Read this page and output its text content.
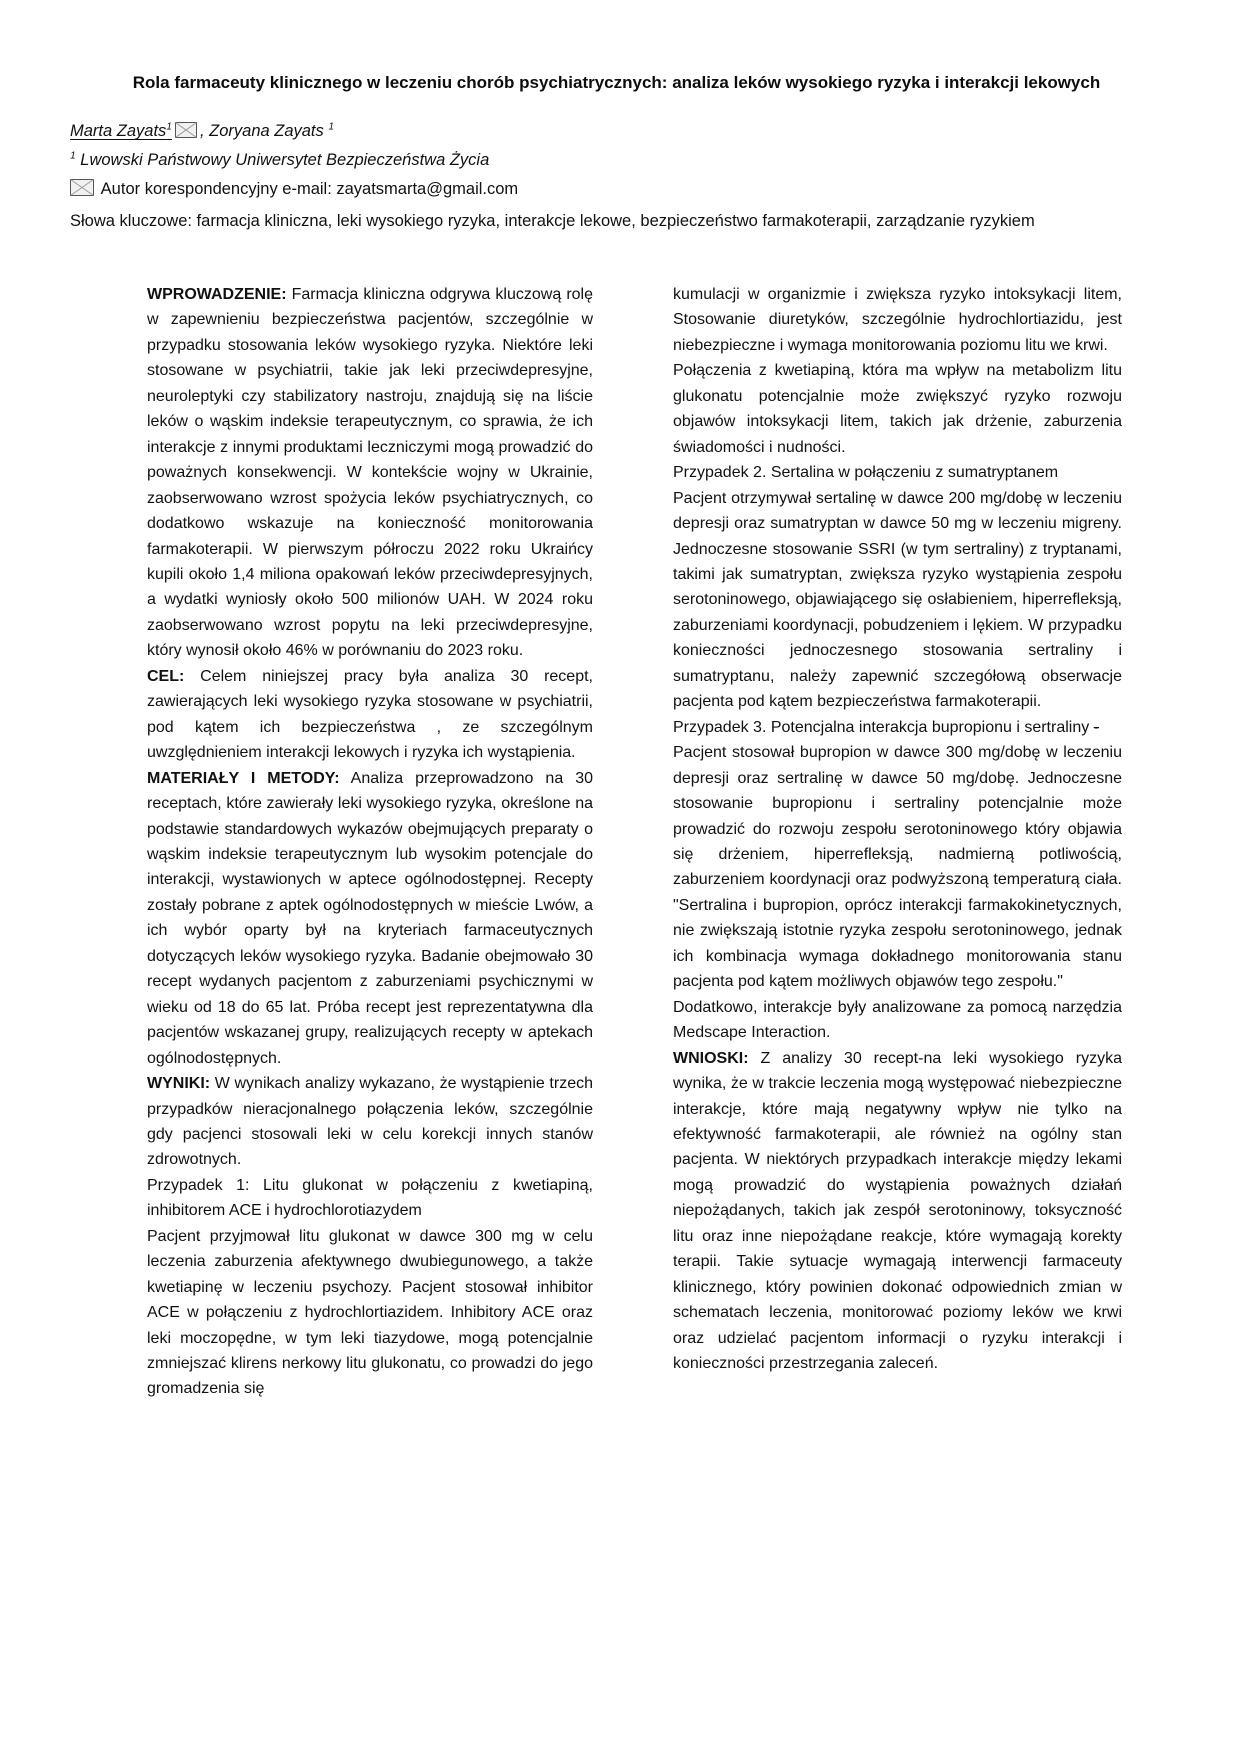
Rola farmaceuty klinicznego w leczeniu chorób psychiatrycznych: analiza leków wysokiego ryzyka i interakcji lekowych
Marta Zayats$^1$ , Zoryana Zayats $^1$
$^1$ Lwowski Państwowy Uniwersytet Bezpieczeństwa Życia
Autor korespondencyjny e-mail: zayatsmarta@gmail.com
Słowa kluczowe: farmacja kliniczna, leki wysokiego ryzyka, interakcje lekowe, bezpieczeństwo farmakoterapii, zarządzanie ryzykiem

WPROWADZENIE: Farmacja kliniczna odgrywa kluczową rolę w zapewnieniu bezpieczeństwa pacjentów, szczególnie w przypadku stosowania leków wysokiego ryzyka. Niektóre leki stosowane w psychiatrii, takie jak leki przeciwdepresyjne, neuroleptyki czy stabilizatory nastroju, znajdują się na liście leków o wąskim indeksie terapeutycznym, co sprawia, że ich interakcje z innymi produktami leczniczymi mogą prowadzić do poważnych konsekwencji. W kontekście wojny w Ukrainie, zaobserwowano wzrost spożycia leków psychiatrycznych, co dodatkowo wskazuje na konieczność monitorowania farmakoterapii. W pierwszym półroczu 2022 roku Ukraińcy kupili około 1,4 miliona opakowań leków przeciwdepresyjnych, a wydatki wyniosły około 500 milionów UAH. W 2024 roku zaobserwowano wzrost popytu na leki przeciwdepresyjne, który wynosił około 46% w porównaniu do 2023 roku.

CEL: Celem niniejszej pracy była analiza 30 recept, zawierających leki wysokiego ryzyka stosowane w psychiatrii, pod kątem ich bezpieczeństwa , ze szczególnym uwzględnieniem interakcji lekowych i ryzyka ich wystąpienia.

MATERIAŁY I METODY: Analiza przeprowadzono na 30 receptach, które zawierały leki wysokiego ryzyka, określone na podstawie standardowych wykazów obejmujących preparaty o wąskim indeksie terapeutycznym lub wysokim potencjale do interakcji, wystawionych w aptece ogólnodostępnej. Recepty zostały pobrane z aptek ogólnodostępnych w mieście Lwów, a ich wybór oparty był na kryteriach farmaceutycznych dotyczących leków wysokiego ryzyka. Badanie obejmowało 30 recept wydanych pacjentom z zaburzeniami psychicznymi w wieku od 18 do 65 lat. Próba recept jest reprezentatywna dla pacjentów wskazanej grupy, realizujących recepty w aptekach ogólnodostępnych.

WYNIKI: W wynikach analizy wykazano, że wystąpienie trzech przypadków nieracjonalnego połączenia leków, szczególnie gdy pacjenci stosowali leki w celu korekcji innych stanów zdrowotnych.

Przypadek 1: Litu glukonat w połączeniu z kwetiapiną, inhibitorem ACE i hydrochlorotiazydem

Pacjent przyjmował litu glukonat w dawce 300 mg w celu leczenia zaburzenia afektywnego dwubiegunowego, a także kwetiapinę w leczeniu psychozy. Pacjent stosował inhibitor ACE w połączeniu z hydrochlortiazidem. Inhibitory ACE oraz leki moczopędne, w tym leki tiazydowe, mogą potencjalnie zmniejszać klirens nerkowy litu glukonatu, co prowadzi do jego gromadzenia się

kumulacji w organizmie i zwiększa ryzyko intoksykacji litem, Stosowanie diuretyków, szczególnie hydrochlortiazidu, jest niebezpieczne i wymaga monitorowania poziomu litu we krwi.

Połączenia z kwetiapiną, która ma wpływ na metabolizm litu glukonatu potencjalnie może zwiększyć ryzyko rozwoju objawów intoksykacji litem, takich jak drżenie, zaburzenia świadomości i nudności.

Przypadek 2. Sertalina w połączeniu z sumatryptanem

Pacjent otrzymywał sertalinę w dawce 200 mg/dobę w leczeniu depresji oraz sumatryptan w dawce 50 mg w leczeniu migreny. Jednoczesne stosowanie SSRI (w tym sertraliny) z tryptanami, takimi jak sumatryptan, zwiększa ryzyko wystąpienia zespołu serotoninowego, objawiającego się osłabieniem, hiperrefleksją, zaburzeniami koordynacji, pobudzeniem i lękiem. W przypadku konieczności jednoczesnego stosowania sertraliny i sumatryptanu, należy zapewnić szczegółową obserwacje pacjenta pod kątem bezpieczeństwa farmakoterapii.

Przypadek 3. Potencjalna interakcja bupropionu i sertraliny -

Pacjent stosował bupropion w dawce 300 mg/dobę w leczeniu depresji oraz sertralinę w dawce 50 mg/dobę. Jednoczesne stosowanie bupropionu i sertraliny potencjalnie może prowadzić do rozwoju zespołu serotoninowego który objawia się drżeniem, hiperrefleksją, nadmierną potliwością, zaburzeniem koordynacji oraz podwyższoną temperaturą ciała. "Sertralina i bupropion, oprócz interakcji farmakokinetycznych, nie zwiększają istotnie ryzyka zespołu serotoninowego, jednak ich kombinacja wymaga dokładnego monitorowania stanu pacjenta pod kątem możliwych objawów tego zespołu."

Dodatkowo, interakcje były analizowane za pomocą narzędzia Medscape Interaction.

WNIOSKI: Z analizy 30 recept-na leki wysokiego ryzyka wynika, że w trakcie leczenia mogą występować niebezpieczne interakcje, które mają negatywny wpływ nie tylko na efektywność farmakoterapii, ale również na ogólny stan pacjenta. W niektórych przypadkach interakcje między lekami mogą prowadzić do wystąpienia poważnych działań niepożądanych, takich jak zespół serotoninowy, toksyczność litu oraz inne niepożądane reakcje, które wymagają korekty terapii. Takie sytuacje wymagają interwencji farmaceuty klinicznego, który powinien dokonać odpowiednich zmian w schematach leczenia, monitorować poziomy leków we krwi oraz udzielać pacjentom informacji o ryzyku interakcji i konieczności przestrzegania zaleceń.
